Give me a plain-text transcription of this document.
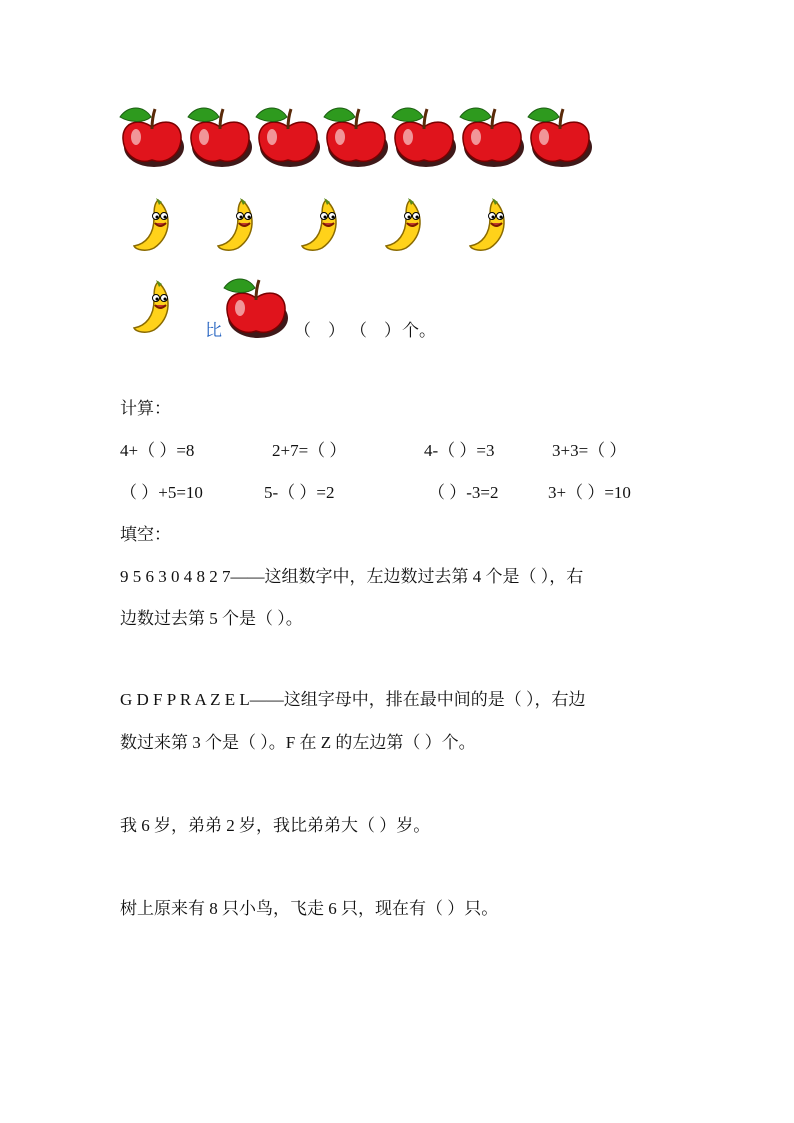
比	（　） （　） 个。
计算：
4+（ ）=8	2+7=（ ）	4-（ ）=3	3+3=（ ）
（ ）+5=10	5-（ ）=2	（ ）-3=2	3+（ ）=10
填空：
9 5 6 3 0 4 8 2 7——这组数字中，左边数过去第 4 个是（ ），右
边数过去第 5 个是（ ）。
G D F P R A Z E L——这组字母中，排在最中间的是（ ），右边
数过来第 3 个是（ ）。F 在 Z 的左边第（ ）个。
我 6 岁，弟弟 2 岁，我比弟弟大（ ）岁。
树上原来有 8 只小鸟，飞走 6 只，现在有（ ）只。
